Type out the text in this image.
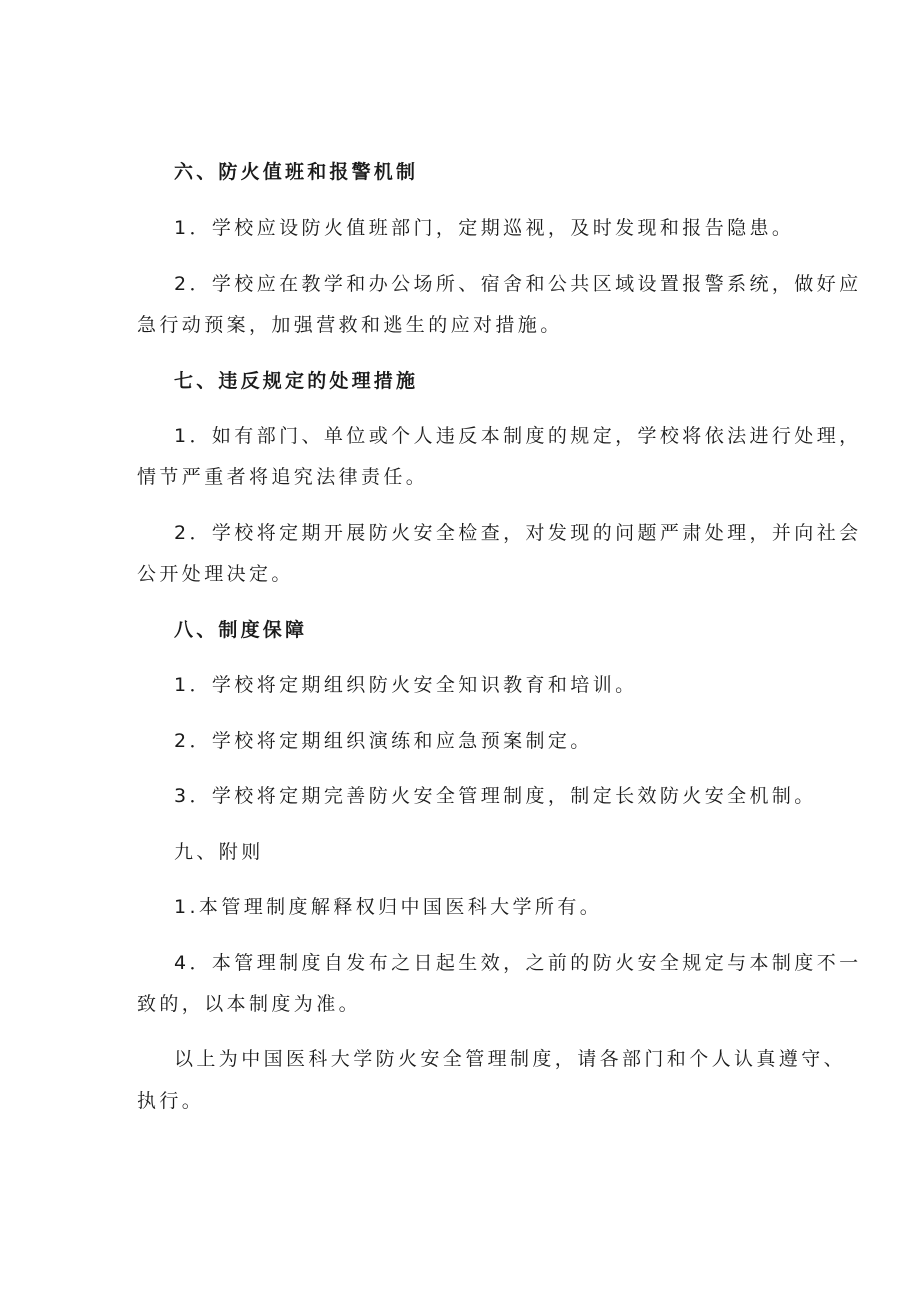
六、防火值班和报警机制

1．学校应设防火值班部门，定期巡视，及时发现和报告隐患。

2．学校应在教学和办公场所、宿舍和公共区域设置报警系统，做好应

急行动预案，加强营救和逃生的应对措施。

七、违反规定的处理措施

1．如有部门、单位或个人违反本制度的规定，学校将依法进行处理，

情节严重者将追究法律责任。

2．学校将定期开展防火安全检查，对发现的问题严肃处理，并向社会

公开处理决定。

八、制度保障

1．学校将定期组织防火安全知识教育和培训。

2．学校将定期组织演练和应急预案制定。

3．学校将定期完善防火安全管理制度，制定长效防火安全机制。

九、附则

1.本管理制度解释权归中国医科大学所有。

4．本管理制度自发布之日起生效，之前的防火安全规定与本制度不一

致的，以本制度为准。

以上为中国医科大学防火安全管理制度，请各部门和个人认真遵守、

执行。
